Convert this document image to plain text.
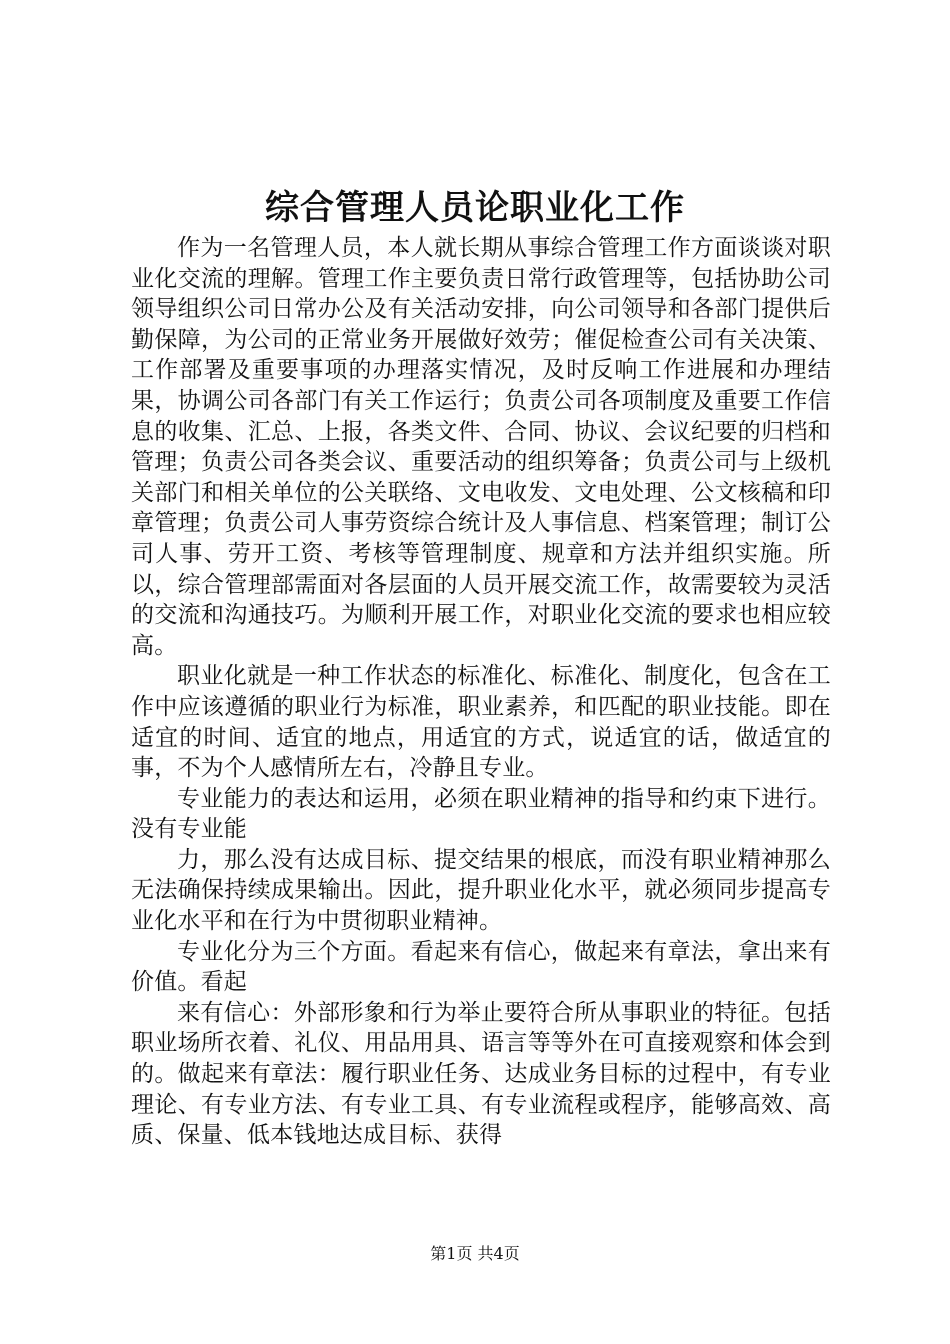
综合管理人员论职业化工作

作为一名管理人员，本人就长期从事综合管理工作方面谈谈对职业化交流的理解。管理工作主要负责日常行政管理等，包括协助公司领导组织公司日常办公及有关活动安排，向公司领导和各部门提供后勤保障，为公司的正常业务开展做好效劳；催促检查公司有关决策、工作部署及重要事项的办理落实情况，及时反响工作进展和办理结果，协调公司各部门有关工作运行；负责公司各项制度及重要工作信息的收集、汇总、上报，各类文件、合同、协议、会议纪要的归档和管理；负责公司各类会议、重要活动的组织筹备；负责公司与上级机关部门和相关单位的公关联络、文电收发、文电处理、公文核稿和印章管理；负责公司人事劳资综合统计及人事信息、档案管理；制订公司人事、劳开工资、考核等管理制度、规章和方法并组织实施。所以，综合管理部需面对各层面的人员开展交流工作，故需要较为灵活的交流和沟通技巧。为顺利开展工作，对职业化交流的要求也相应较高。

职业化就是一种工作状态的标准化、标准化、制度化，包含在工作中应该遵循的职业行为标准，职业素养，和匹配的职业技能。即在适宜的时间、适宜的地点，用适宜的方式，说适宜的话，做适宜的事，不为个人感情所左右，冷静且专业。

专业能力的表达和运用，必须在职业精神的指导和约束下进行。没有专业能

力，那么没有达成目标、提交结果的根底，而没有职业精神那么无法确保持续成果输出。因此，提升职业化水平，就必须同步提高专业化水平和在行为中贯彻职业精神。

专业化分为三个方面。看起来有信心，做起来有章法，拿出来有价值。看起

来有信心：外部形象和行为举止要符合所从事职业的特征。包括职业场所衣着、礼仪、用品用具、语言等等外在可直接观察和体会到的。做起来有章法：履行职业任务、达成业务目标的过程中，有专业理论、有专业方法、有专业工具、有专业流程或程序，能够高效、高质、保量、低本钱地达成目标、获得

第1页 共4页
